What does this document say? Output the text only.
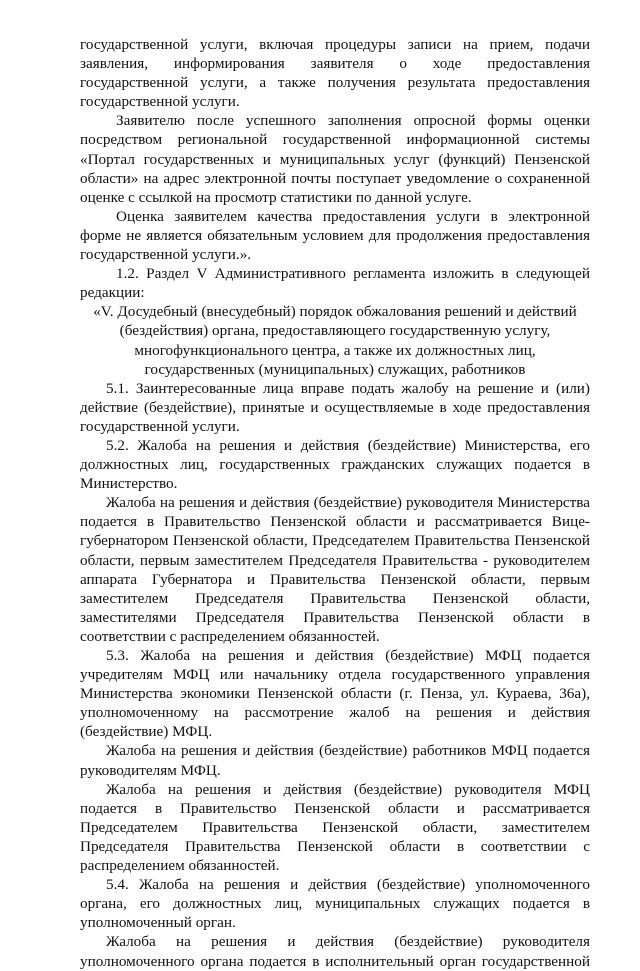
государственной услуги, включая процедуры записи на прием, подачи заявления, информирования заявителя о ходе предоставления государственной услуги, а также получения результата предоставления государственной услуги.

Заявителю после успешного заполнения опросной формы оценки посредством региональной государственной информационной системы «Портал государственных и муниципальных услуг (функций) Пензенской области» на адрес электронной почты поступает уведомление о сохраненной оценке с ссылкой на просмотр статистики по данной услуге.

Оценка заявителем качества предоставления услуги в электронной форме не является обязательным условием для продолжения предоставления государственной услуги.».

1.2. Раздел V Административного регламента изложить в следующей редакции:

«V. Досудебный (внесудебный) порядок обжалования решений и действий (бездействия) органа, предоставляющего государственную услугу, многофункционального центра, а также их должностных лиц, государственных (муниципальных) служащих, работников

5.1. Заинтересованные лица вправе подать жалобу на решение и (или) действие (бездействие), принятые и осуществляемые в ходе предоставления государственной услуги.

5.2. Жалоба на решения и действия (бездействие) Министерства, его должностных лиц, государственных гражданских служащих подается в Министерство.

Жалоба на решения и действия (бездействие) руководителя Министерства подается в Правительство Пензенской области и рассматривается Вице-губернатором Пензенской области, Председателем Правительства Пензенской области, первым заместителем Председателя Правительства - руководителем аппарата Губернатора и Правительства Пензенской области, первым заместителем Председателя Правительства Пензенской области, заместителями Председателя Правительства Пензенской области в соответствии с распределением обязанностей.

5.3. Жалоба на решения и действия (бездействие) МФЦ подается учредителям МФЦ или начальнику отдела государственного управления Министерства экономики Пензенской области (г. Пенза, ул. Кураева, 36а), уполномоченному на рассмотрение жалоб на решения и действия (бездействие) МФЦ.

Жалоба на решения и действия (бездействие) работников МФЦ подается руководителям МФЦ.

Жалоба на решения и действия (бездействие) руководителя МФЦ подается в Правительство Пензенской области и рассматривается Председателем Правительства Пензенской области, заместителем Председателя Правительства Пензенской области в соответствии с распределением обязанностей.

5.4. Жалоба на решения и действия (бездействие) уполномоченного органа, его должностных лиц, муниципальных служащих подается в уполномоченный орган.

Жалоба на решения и действия (бездействие) руководителя уполномоченного органа подается в исполнительный орган государственной
